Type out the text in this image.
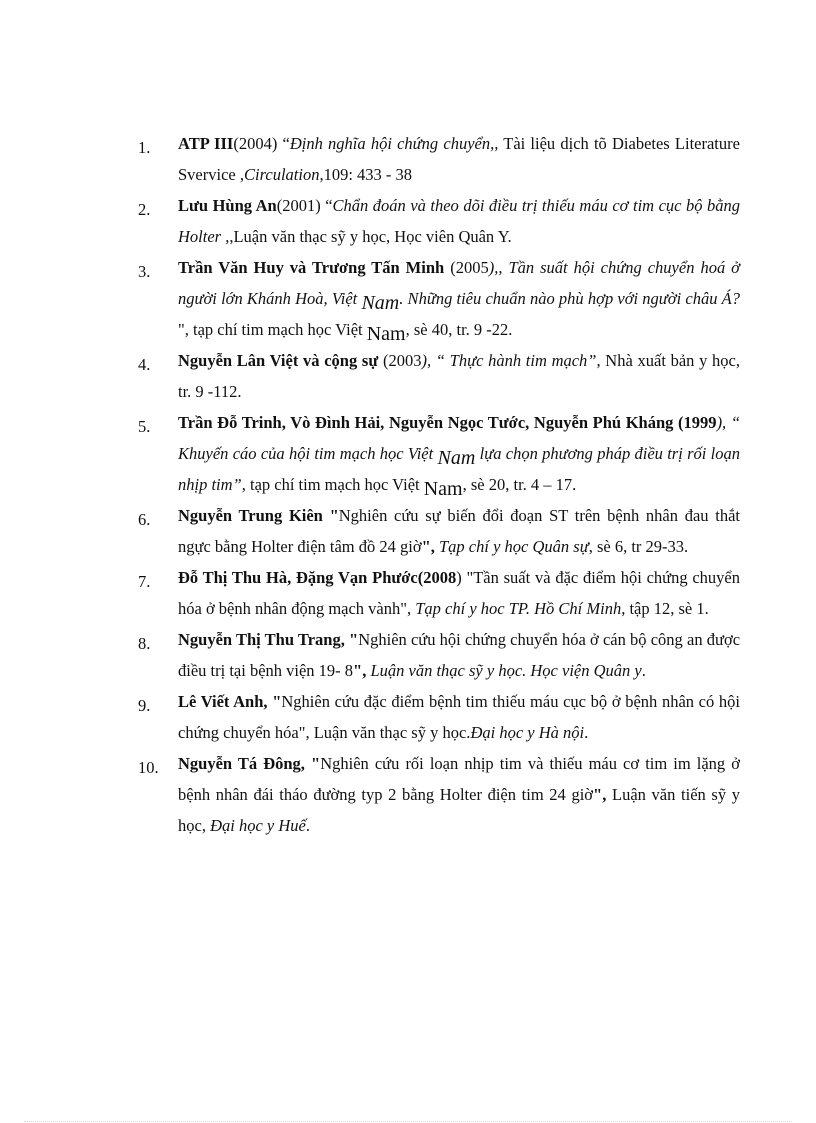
1.	ATP III(2004) “Định nghĩa hội chứng chuyển,, Tài liệu dịch tõ Diabetes Literature Svervice ,Circulation,109: 433 - 38
2.	Lưu Hùng An(2001) “Chẩn đoán và theo dõi điều trị thiếu máu cơ tim cục bộ bằng Holter ,,Luận văn thạc sỹ y học, Học viên Quân Y.
3.	Trần Văn Huy và Trương Tấn Minh (2005),, Tần suất hội chứng chuyển hoá ở người lớn Khánh Hoà, Việt Nam. Những tiêu chuẩn nào phù hợp với người châu Á? ", tạp chí tim mạch học Việt Nam, sè 40, tr. 9 -22.
4.	Nguyễn Lân Việt và cộng sự (2003), “ Thực hành tim mạch”, Nhà xuất bản y học, tr. 9 -112.
5.	Trần Đỗ Trinh, Vò Đình Hải, Nguyễn Ngọc Tước, Nguyễn Phú Kháng (1999), “ Khuyến cáo của hội tim mạch học Việt Nam lựa chọn phương pháp điều trị rối loạn nhịp tim”, tạp chí tim mạch học Việt Nam, sè 20, tr. 4 – 17.
6.	Nguyễn Trung Kiên "Nghiên cứu sự biến đổi đoạn ST trên bệnh nhân đau thắt ngực bằng Holter điện tâm đồ 24 giờ", Tạp chí y học Quân sự, sè 6, tr 29-33.
7.	Đỗ Thị Thu Hà, Đặng Vạn Phước(2008) "Tần suất và đặc điểm hội chứng chuyển hóa ở bệnh nhân động mạch vành", Tạp chí y hoc TP. Hồ Chí Minh, tập 12, sè 1.
8.	Nguyễn Thị Thu Trang, "Nghiên cứu hội chứng chuyển hóa ở cán bộ công an được điều trị tại bệnh viện 19- 8", Luận văn thạc sỹ y học. Học viện Quân y.
9.	Lê Viết Anh, "Nghiên cứu đặc điểm bệnh tim thiếu máu cục bộ ở bệnh nhân có hội chứng chuyển hóa", Luận văn thạc sỹ y học.Đại học y Hà nội.
10.	Nguyễn Tá Đông, "Nghiên cứu rối loạn nhịp tim và thiếu máu cơ tim im lặng ở bệnh nhân đái tháo đường typ 2 bằng Holter điện tim 24 giờ", Luận văn tiến sỹ y học, Đại học y Huế.
